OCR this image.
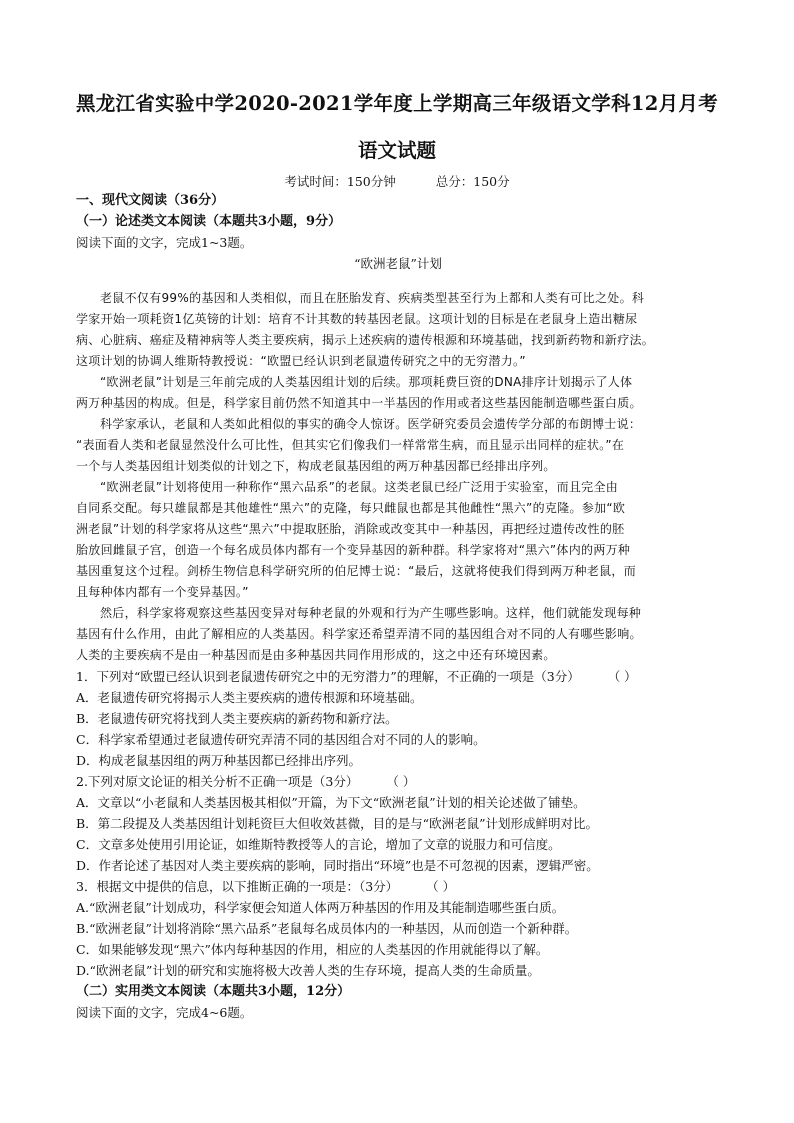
黑龙江省实验中学2020-2021学年度上学期高三年级语文学科12月月考
语文试题
考试时间：150分钟	总分：150分
一、现代文阅读（36分）
（一）论述类文本阅读（本题共3小题，9分）
阅读下面的文字，完成1~3题。
“欧洲老鼠”计划
老鼠不仅有99%的基因和人类相似，而且在胚胎发育、疾病类型甚至行为上都和人类有可比之处。科
学家开始一项耗资1亿英镑的计划：培育不计其数的转基因老鼠。这项计划的目标是在老鼠身上造出糖尿
病、心脏病、癌症及精神病等人类主要疾病，揭示上述疾病的遗传根源和环境基础，找到新药物和新疗法。
这项计划的协调人维斯特教授说：“欧盟已经认识到老鼠遗传研究之中的无穷潜力。”
“欧洲老鼠”计划是三年前完成的人类基因组计划的后续。那项耗费巨资的DNA排序计划揭示了人体
两万种基因的构成。但是，科学家目前仍然不知道其中一半基因的作用或者这些基因能制造哪些蛋白质。
科学家承认，老鼠和人类如此相似的事实的确令人惊讶。医学研究委员会遗传学分部的布朗博士说：
“表面看人类和老鼠显然没什么可比性，但其实它们像我们一样常常生病，而且显示出同样的症状。”在
一个与人类基因组计划类似的计划之下，构成老鼠基因组的两万种基因都已经排出序列。
“欧洲老鼠”计划将使用一种称作“黑六品系”的老鼠。这类老鼠已经广泛用于实验室，而且完全由
自同系交配。每只雄鼠都是其他雄性“黑六”的克隆，每只雌鼠也都是其他雌性“黑六”的克隆。参加“欧
洲老鼠”计划的科学家将从这些“黑六”中提取胚胎，消除或改变其中一种基因，再把经过遗传改性的胚
胎放回雌鼠子宫，创造一个每名成员体内都有一个变异基因的新种群。科学家将对“黑六”体内的两万种
基因重复这个过程。剑桥生物信息科学研究所的伯尼博士说：“最后，这就将使我们得到两万种老鼠，而
且每种体内都有一个变异基因。”
然后，科学家将观察这些基因变异对每种老鼠的外观和行为产生哪些影响。这样，他们就能发现每种
基因有什么作用，由此了解相应的人类基因。科学家还希望弄清不同的基因组合对不同的人有哪些影响。
人类的主要疾病不是由一种基因而是由多种基因共同作用形成的，这之中还有环境因素。
1．下列对“欧盟已经认识到老鼠遗传研究之中的无穷潜力”的理解，不正确的一项是（3分） （ ）
A．老鼠遗传研究将揭示人类主要疾病的遗传根源和环境基础。
B．老鼠遗传研究将找到人类主要疾病的新药物和新疗法。
C．科学家希望通过老鼠遗传研究弄清不同的基因组合对不同的人的影响。
D．构成老鼠基因组的两万种基因都已经排出序列。
2.下列对原文论证的相关分析不正确一项是（3分） （ ）
A．文章以“小老鼠和人类基因极其相似”开篇，为下文“欧洲老鼠”计划的相关论述做了铺垫。
B．第二段提及人类基因组计划耗资巨大但收效甚微，目的是与“欧洲老鼠”计划形成鲜明对比。
C．文章多处使用引用论证，如维斯特教授等人的言论，增加了文章的说服力和可信度。
D．作者论述了基因对人类主要疾病的影响，同时指出“环境”也是不可忽视的因素，逻辑严密。
3．根据文中提供的信息，以下推断正确的一项是：（3分） （ ）
A.“欧洲老鼠”计划成功，科学家便会知道人体两万种基因的作用及其能制造哪些蛋白质。
B.“欧洲老鼠”计划将消除“黑六品系”老鼠每名成员体内的一种基因，从而创造一个新种群。
C．如果能够发现“黑六”体内每种基因的作用，相应的人类基因的作用就能得以了解。
D.“欧洲老鼠”计划的研究和实施将极大改善人类的生存环境，提高人类的生命质量。
（二）实用类文本阅读（本题共3小题，12分）
阅读下面的文字，完成4~6题。
